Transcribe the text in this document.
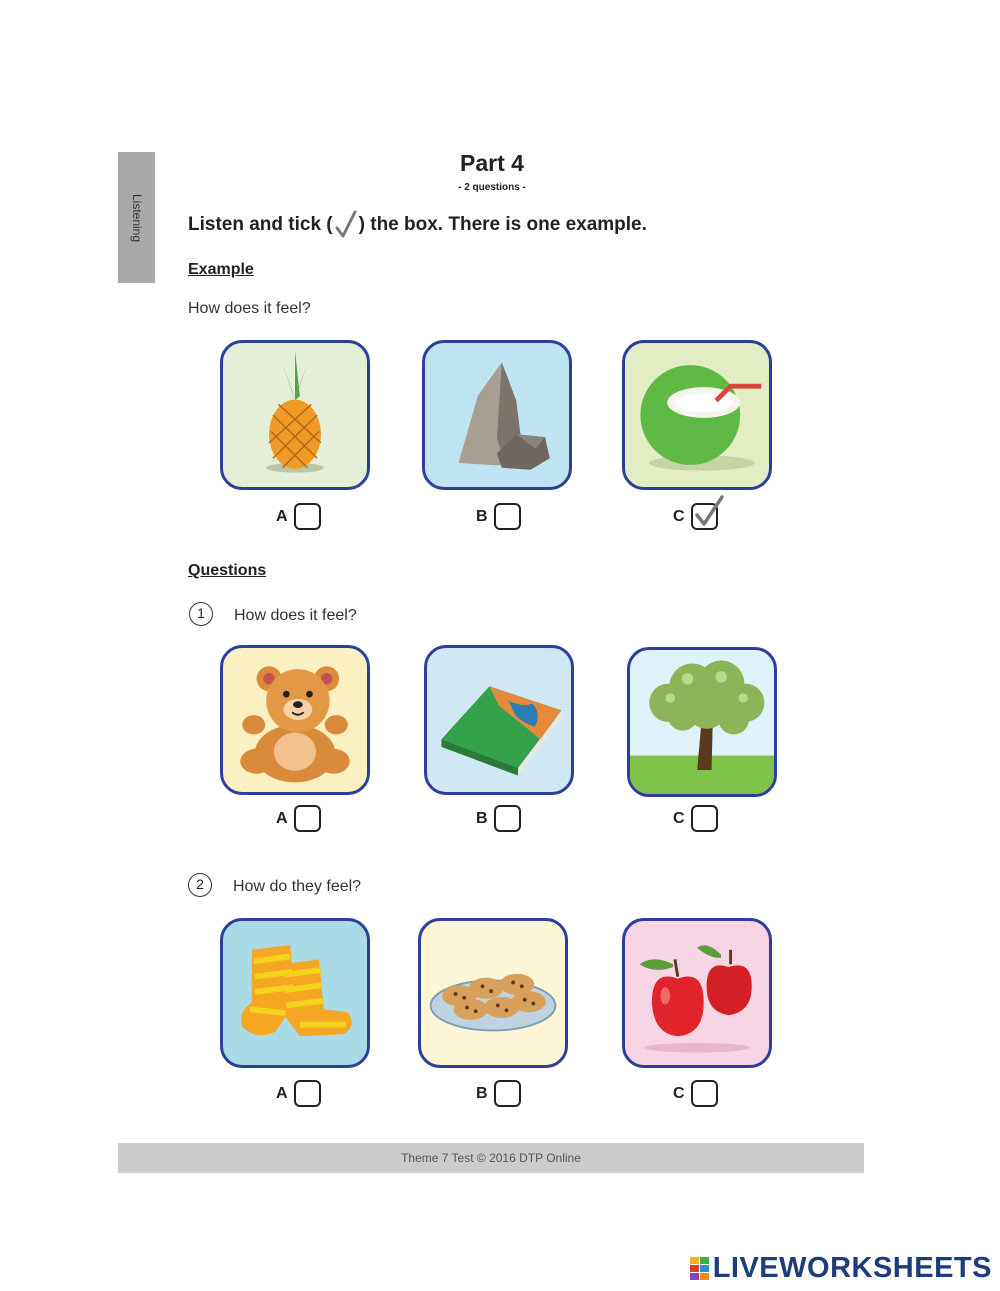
Listening
Part 4
- 2 questions -
Listen and tick ( ) the box. There is one example.
Example
How does it feel?
A	B	C
Questions
1	How does it feel?
A	B	C
2	How do they feel?
A	B	C
Theme 7 Test © 2016 DTP Online
LIVEWORKSHEETS
